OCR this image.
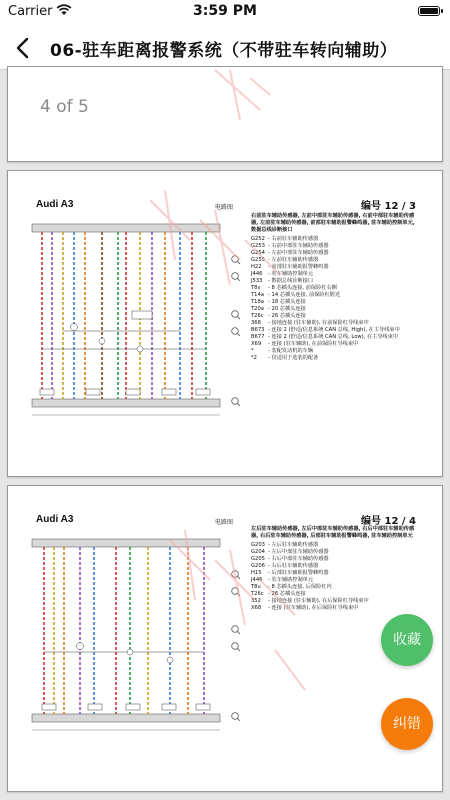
Carrier	3:59 PM
06-驻车距离报警系统（不带驻车转向辅助）
4 of 5
Audi A3	电路图	编号 12 / 3
右前驻车辅助传感器, 左前中部驻车辅助传感器, 右前中部驻车辅助传感器, 左前驻车辅助传感器, 前部驻车辅助报警蜂鸣器, 驻车辅助控制单元, 数据总线诊断接口
G252 - 右前驻车辅助传感器
G253 - 右前中部驻车辅助传感器
G254 - 左前中部驻车辅助传感器
G255 - 左前驻车辅助传感器
H22	- 前部驻车辅助报警蜂鸣器
J446	- 驻车辅助控制单元
J533	- 数据总线诊断接口
T8v	- 8 芯插头连接, 前保险杠右侧
T14a - 14 芯插头连接, 前保险杠附近
T18a - 18 芯插头连接
T20a - 20 芯插头连接
T26c - 26 芯插头连接
368	- 接地连接 (驻车辅助), 在前保险杠导线束中
B673 - 连接 2 (舒适/信息系统 CAN 总线, High), 在主导线束中
B677 - 连接 2 (舒适/信息系统 CAN 总线, Low), 在主导线束中
X69	- 连接 (驻车辅助), 在前保险杠导线束中
*	- 装配发动机的车辆
*2	- 仅适用于选装的配备
Audi A3	电路图	编号 12 / 4
左后驻车辅助传感器, 左后中部驻车辅助传感器, 右后中部驻车辅助传感器, 右后驻车辅助传感器, 后部驻车辅助报警蜂鸣器, 驻车辅助控制单元
G203 - 左后驻车辅助传感器
G204 - 左后中部驻车辅助传感器
G205 - 右后中部驻车辅助传感器
G206 - 右后驻车辅助传感器
H15	- 后部驻车辅助报警蜂鸣器
J446	- 驻车辅助控制单元
T8u	- 8 芯插头连接, 后保险杠内
T26c - 26 芯插头连接
352	- 接地连接 (驻车辅助), 在后保险杠导线束中
X68	- 连接 (驻车辅助), 在后保险杠导线束中
收藏
纠错
